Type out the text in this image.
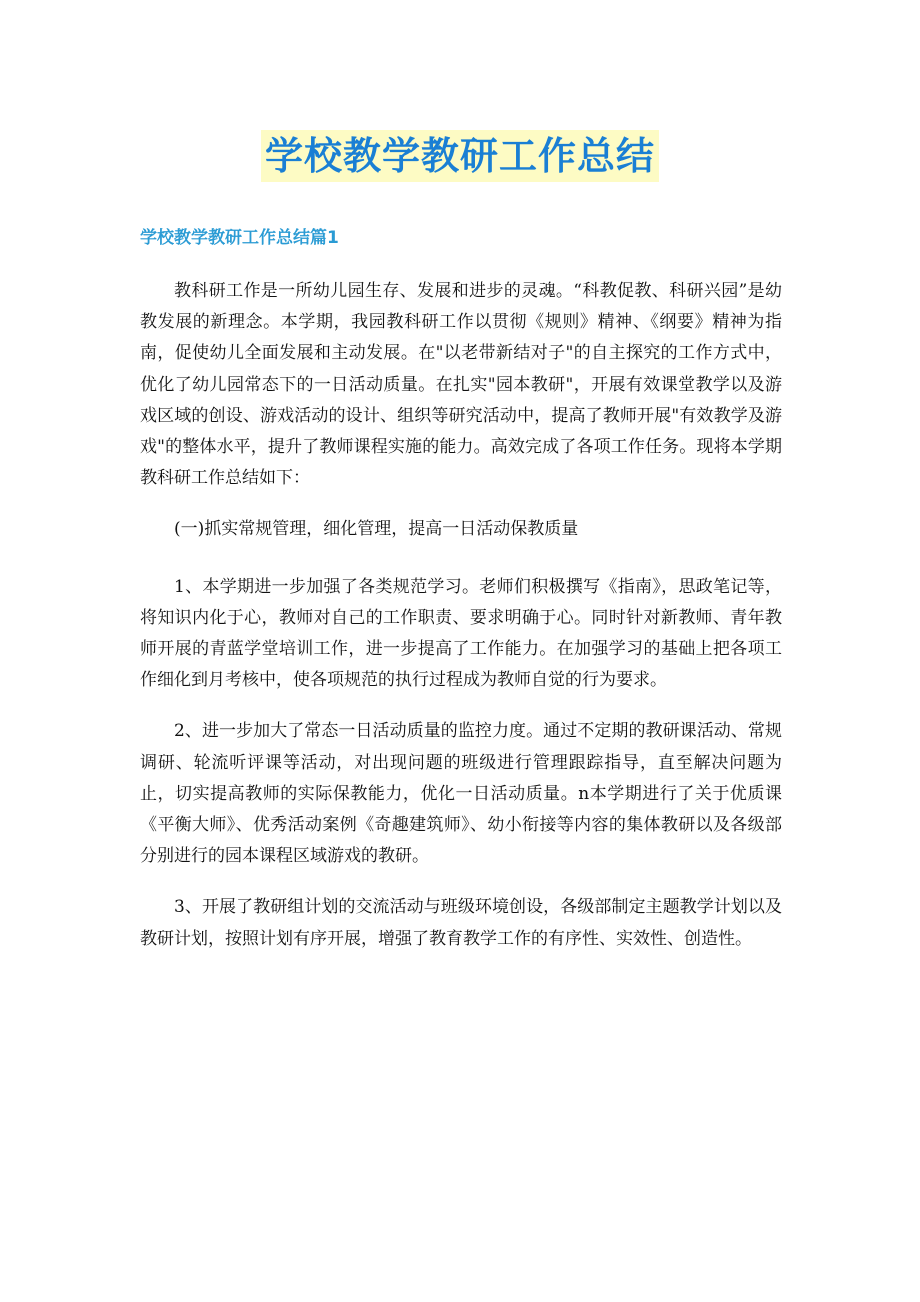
学校教学教研工作总结
学校教学教研工作总结篇1

教科研工作是一所幼儿园生存、发展和进步的灵魂。“科教促教、科研兴园”是幼教发展的新理念。本学期，我园教科研工作以贯彻《规则》精神、《纲要》精神为指南，促使幼儿全面发展和主动发展。在"以老带新结对子"的自主探究的工作方式中，优化了幼儿园常态下的一日活动质量。在扎实"园本教研"，开展有效课堂教学以及游戏区域的创设、游戏活动的设计、组织等研究活动中，提高了教师开展"有效教学及游戏"的整体水平，提升了教师课程实施的能力。高效完成了各项工作任务。现将本学期教科研工作总结如下：

(一)抓实常规管理，细化管理，提高一日活动保教质量

1、本学期进一步加强了各类规范学习。老师们积极撰写《指南》，思政笔记等，将知识内化于心，教师对自己的工作职责、要求明确于心。同时针对新教师、青年教师开展的青蓝学堂培训工作，进一步提高了工作能力。在加强学习的基础上把各项工作细化到月考核中，使各项规范的执行过程成为教师自觉的行为要求。

2、进一步加大了常态一日活动质量的监控力度。通过不定期的教研课活动、常规调研、轮流听评课等活动，对出现问题的班级进行管理跟踪指导，直至解决问题为止，切实提高教师的实际保教能力，优化一日活动质量。n本学期进行了关于优质课《平衡大师》、优秀活动案例《奇趣建筑师》、幼小衔接等内容的集体教研以及各级部分别进行的园本课程区域游戏的教研。

3、开展了教研组计划的交流活动与班级环境创设，各级部制定主题教学计划以及教研计划，按照计划有序开展，增强了教育教学工作的有序性、实效性、创造性。
